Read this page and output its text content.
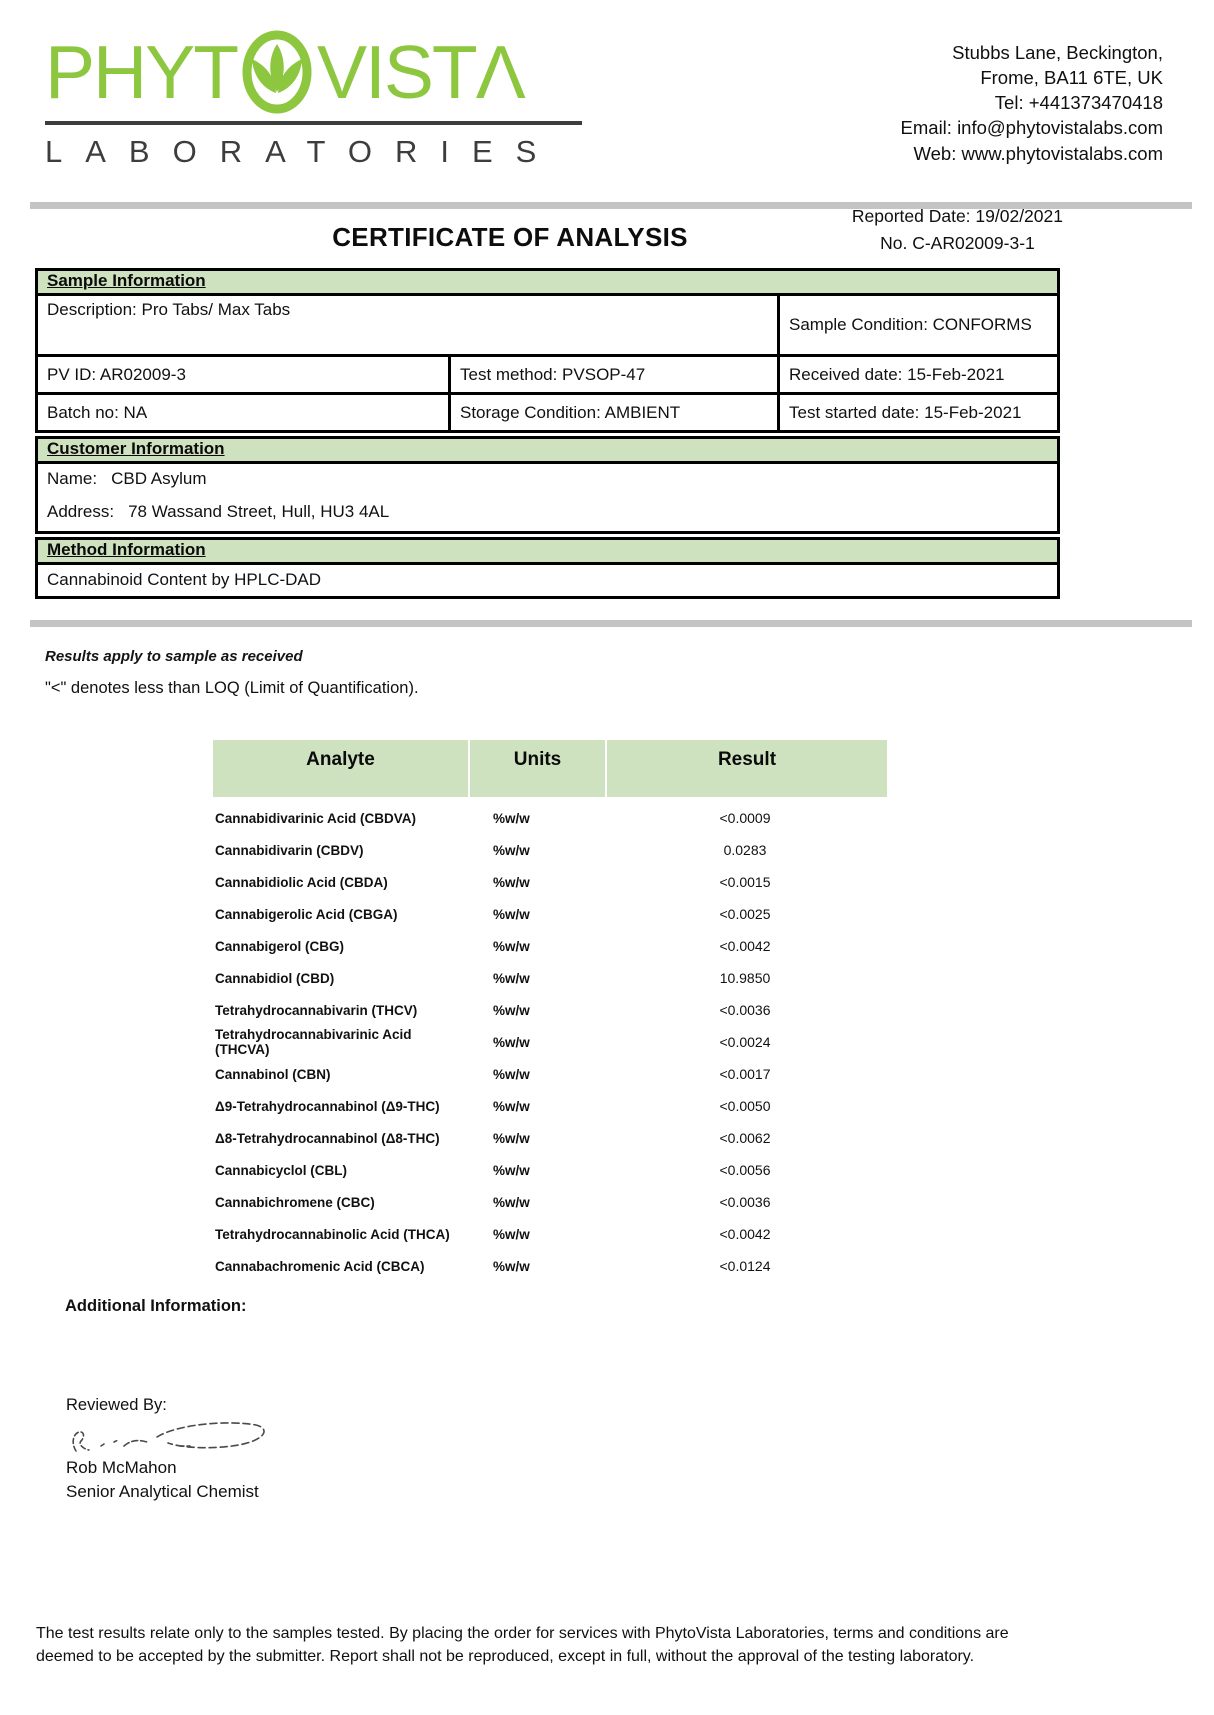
PHYT VISTΛ
LABORATORIES
Stubbs Lane, Beckington,
Frome, BA11 6TE, UK
Tel: +441373470418
Email: info@phytovistalabs.com
Web: www.phytovistalabs.com
CERTIFICATE OF ANALYSIS
Reported Date: 19/02/2021
No. C-AR02009-3-1
Sample Information
Description: Pro Tabs/ Max Tabs
Sample Condition: CONFORMS
PV ID: AR02009-3	Test method: PVSOP-47	Received date: 15-Feb-2021
Batch no: NA	Storage Condition: AMBIENT	Test started date: 15-Feb-2021
Customer Information
Name: CBD Asylum
Address: 78 Wassand Street, Hull, HU3 4AL
Method Information
Cannabinoid Content by HPLC-DAD
Results apply to sample as received
"<" denotes less than LOQ (Limit of Quantification).
Analyte	Units	Result
Cannabidivarinic Acid (CBDVA)	%w/w	<0.0009
Cannabidivarin (CBDV)	%w/w	0.0283
Cannabidiolic Acid (CBDA)	%w/w	<0.0015
Cannabigerolic Acid (CBGA)	%w/w	<0.0025
Cannabigerol (CBG)	%w/w	<0.0042
Cannabidiol (CBD)	%w/w	10.9850
Tetrahydrocannabivarin (THCV)	%w/w	<0.0036
Tetrahydrocannabivarinic Acid (THCVA)	%w/w	<0.0024
Cannabinol (CBN)	%w/w	<0.0017
Δ9-Tetrahydrocannabinol (Δ9-THC)	%w/w	<0.0050
Δ8-Tetrahydrocannabinol (Δ8-THC)	%w/w	<0.0062
Cannabicyclol (CBL)	%w/w	<0.0056
Cannabichromene (CBC)	%w/w	<0.0036
Tetrahydrocannabinolic Acid (THCA)	%w/w	<0.0042
Cannabachromenic Acid (CBCA)	%w/w	<0.0124
Additional Information:
Reviewed By:
Rob McMahon
Senior Analytical Chemist
The test results relate only to the samples tested. By placing the order for services with PhytoVista Laboratories, terms and conditions are
deemed to be accepted by the submitter. Report shall not be reproduced, except in full, without the approval of the testing laboratory.
